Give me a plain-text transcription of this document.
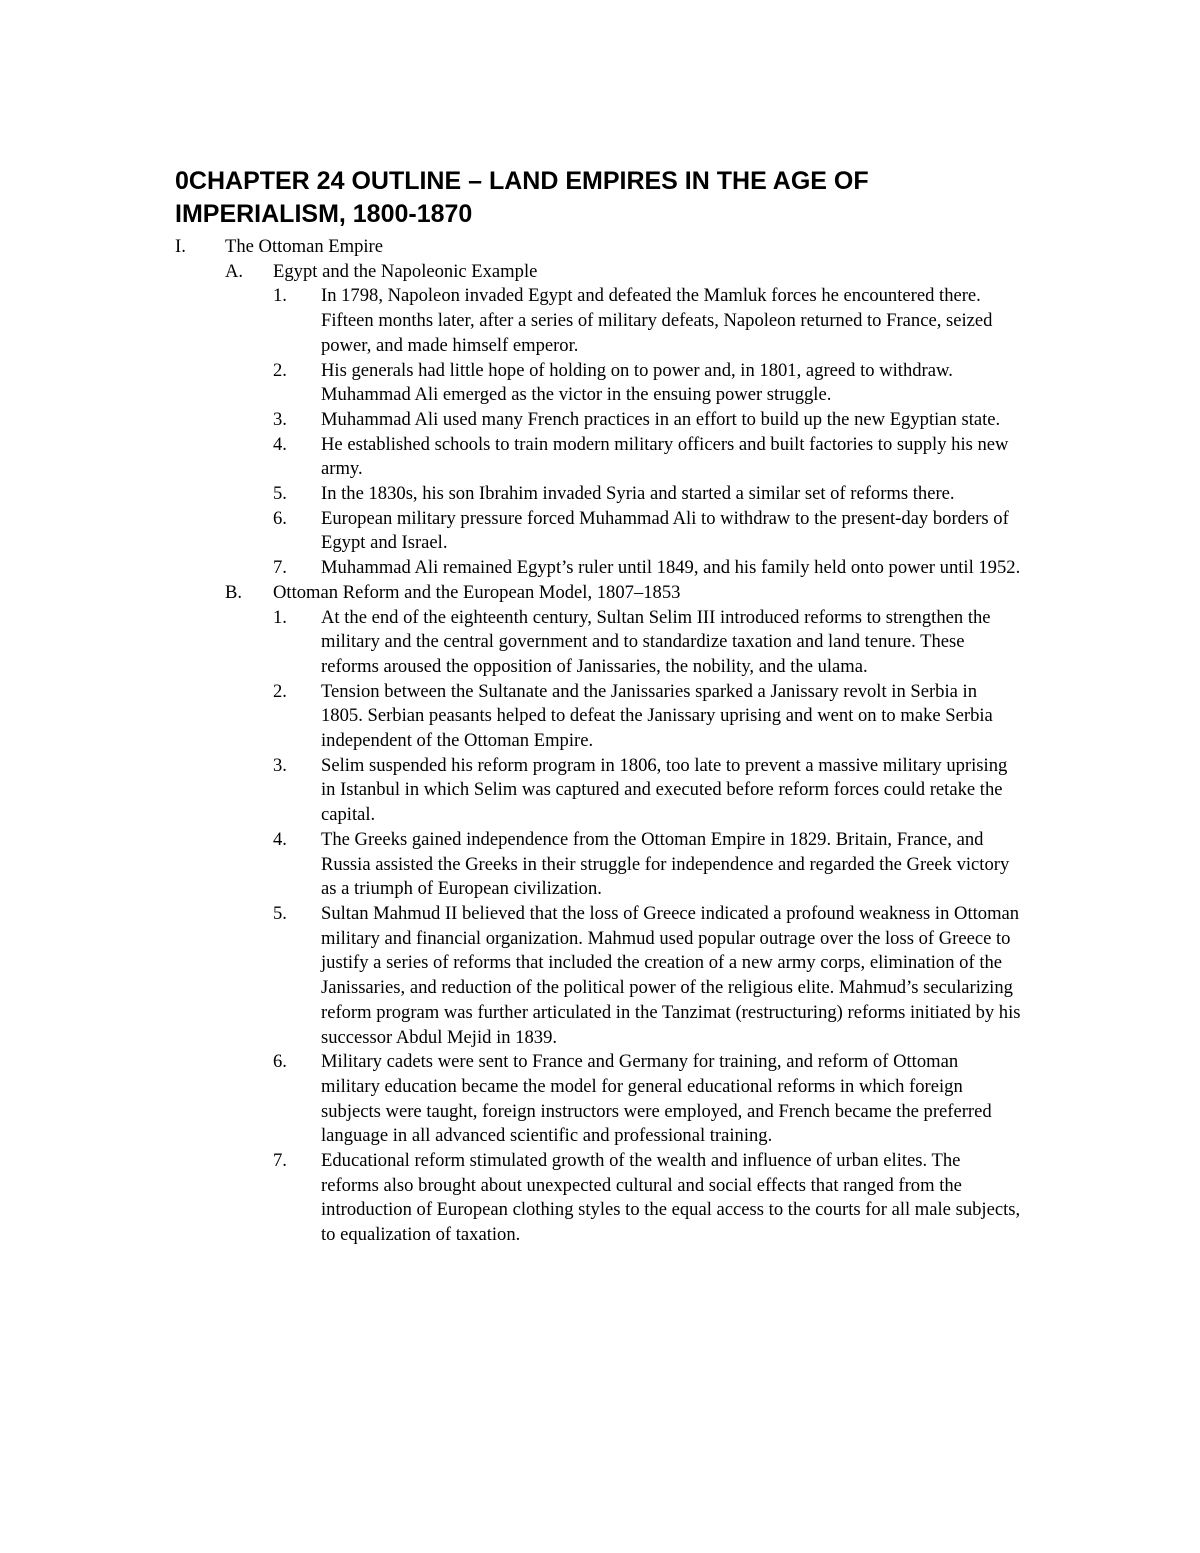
0CHAPTER 24 OUTLINE – LAND EMPIRES IN THE AGE OF IMPERIALISM, 1800-1870
I.	The Ottoman Empire
A.	Egypt and the Napoleonic Example
1.	In 1798, Napoleon invaded Egypt and defeated the Mamluk forces he encountered there. Fifteen months later, after a series of military defeats, Napoleon returned to France, seized power, and made himself emperor.
2.	His generals had little hope of holding on to power and, in 1801, agreed to withdraw. Muhammad Ali emerged as the victor in the ensuing power struggle.
3.	Muhammad Ali used many French practices in an effort to build up the new Egyptian state.
4.	He established schools to train modern military officers and built factories to supply his new army.
5.	In the 1830s, his son Ibrahim invaded Syria and started a similar set of reforms there.
6.	European military pressure forced Muhammad Ali to withdraw to the present-day borders of Egypt and Israel.
7.	Muhammad Ali remained Egypt’s ruler until 1849, and his family held onto power until 1952.
B.	Ottoman Reform and the European Model, 1807–1853
1.	At the end of the eighteenth century, Sultan Selim III introduced reforms to strengthen the military and the central government and to standardize taxation and land tenure. These reforms aroused the opposition of Janissaries, the nobility, and the ulama.
2.	Tension between the Sultanate and the Janissaries sparked a Janissary revolt in Serbia in 1805. Serbian peasants helped to defeat the Janissary uprising and went on to make Serbia independent of the Ottoman Empire.
3.	Selim suspended his reform program in 1806, too late to prevent a massive military uprising in Istanbul in which Selim was captured and executed before reform forces could retake the capital.
4.	The Greeks gained independence from the Ottoman Empire in 1829. Britain, France, and Russia assisted the Greeks in their struggle for independence and regarded the Greek victory as a triumph of European civilization.
5.	Sultan Mahmud II believed that the loss of Greece indicated a profound weakness in Ottoman military and financial organization. Mahmud used popular outrage over the loss of Greece to justify a series of reforms that included the creation of a new army corps, elimination of the Janissaries, and reduction of the political power of the religious elite. Mahmud’s secularizing reform program was further articulated in the Tanzimat (restructuring) reforms initiated by his successor Abdul Mejid in 1839.
6.	Military cadets were sent to France and Germany for training, and reform of Ottoman military education became the model for general educational reforms in which foreign subjects were taught, foreign instructors were employed, and French became the preferred language in all advanced scientific and professional training.
7.	Educational reform stimulated growth of the wealth and influence of urban elites. The reforms also brought about unexpected cultural and social effects that ranged from the introduction of European clothing styles to the equal access to the courts for all male subjects, to equalization of taxation.
